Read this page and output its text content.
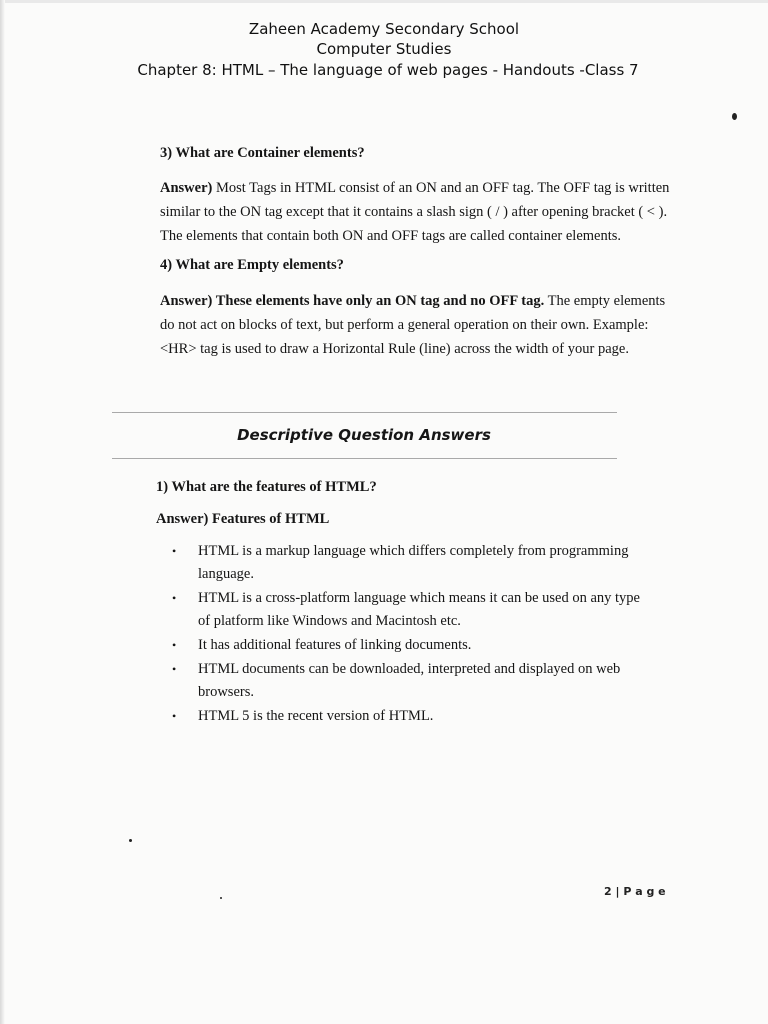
Zaheen Academy Secondary School
Computer Studies
Chapter 8: HTML – The language of web pages - Handouts -Class 7
3) What are Container elements?
Answer) Most Tags in HTML consist of an ON and an OFF tag. The OFF tag is written similar to the ON tag except that it contains a slash sign ( / ) after opening bracket ( < ). The elements that contain both ON and OFF tags are called container elements.
4) What are Empty elements?
Answer) These elements have only an ON tag and no OFF tag. The empty elements do not act on blocks of text, but perform a general operation on their own. Example: <HR> tag is used to draw a Horizontal Rule (line) across the width of your page.
Descriptive Question Answers
1) What are the features of HTML?
Answer) Features of HTML
• HTML is a markup language which differs completely from programming language.
• HTML is a cross-platform language which means it can be used on any type of platform like Windows and Macintosh etc.
• It has additional features of linking documents.
• HTML documents can be downloaded, interpreted and displayed on web browsers.
• HTML 5 is the recent version of HTML.
2 | P a g e
